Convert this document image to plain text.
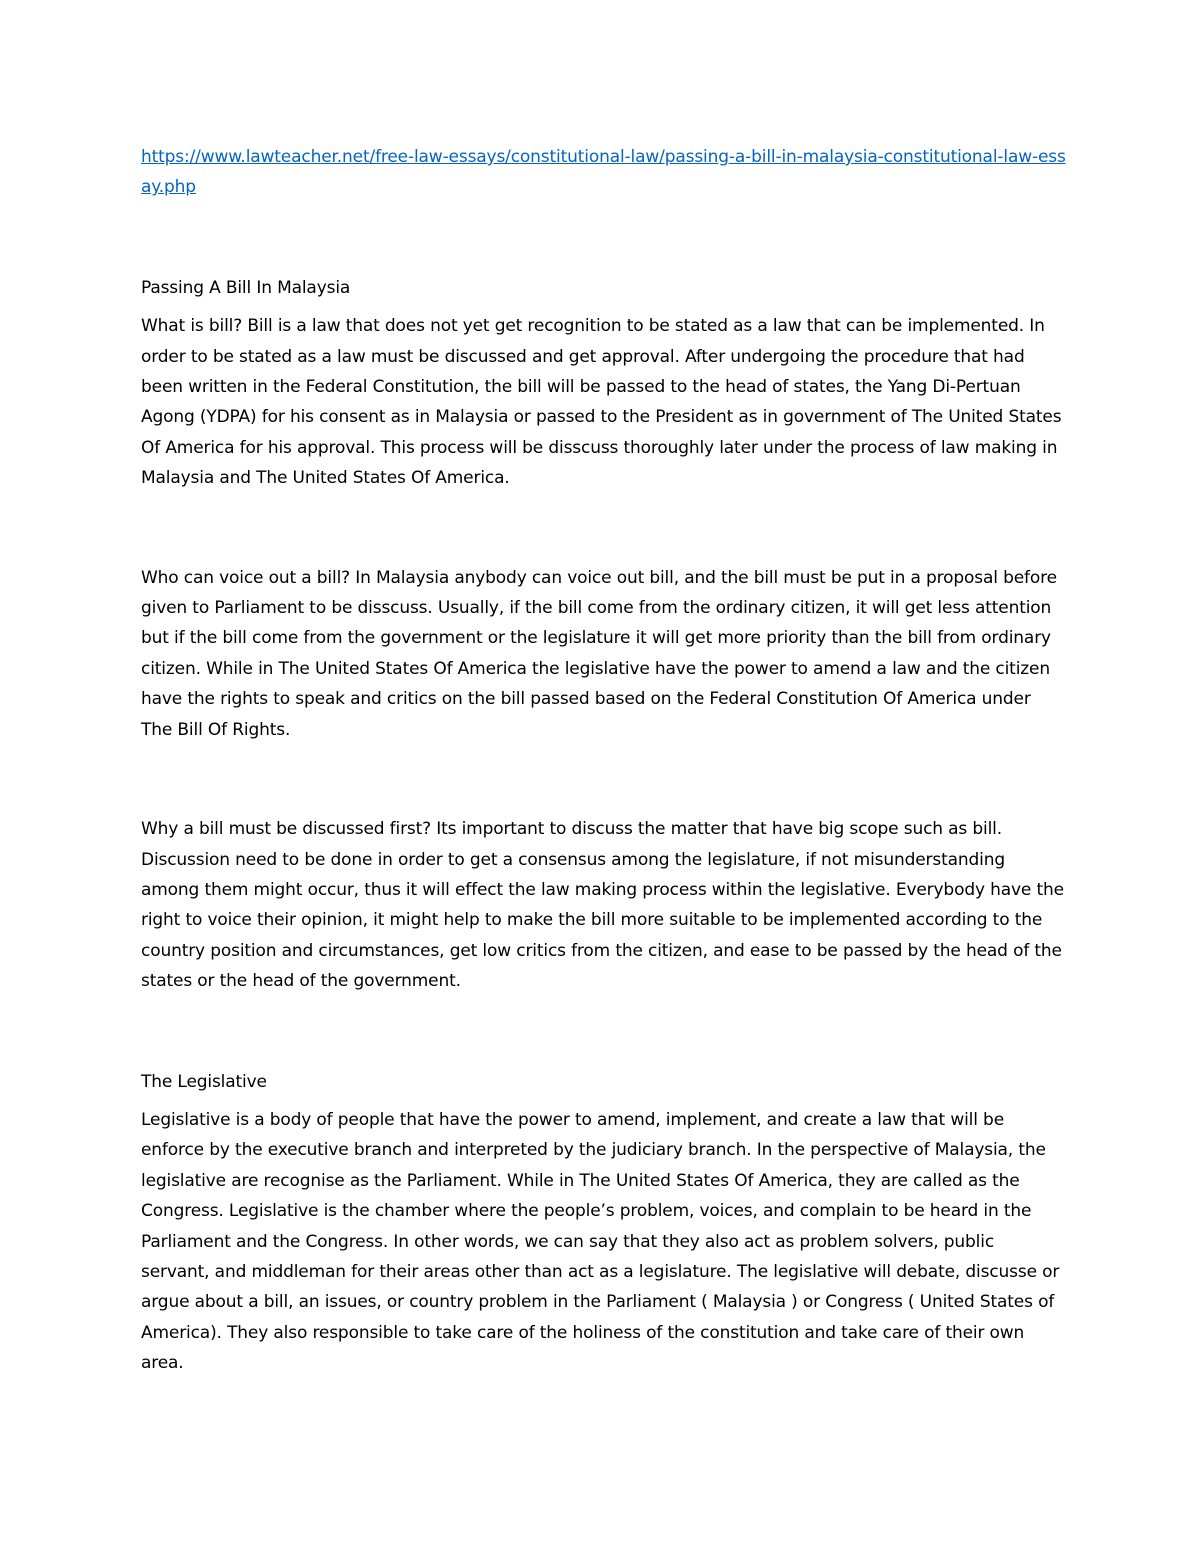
https://www.lawteacher.net/free-law-essays/constitutional-law/passing-a-bill-in-malaysia-constitutional-law-essay.php

Passing A Bill In Malaysia

What is bill? Bill is a law that does not yet get recognition to be stated as a law that can be implemented. In order to be stated as a law must be discussed and get approval. After undergoing the procedure that had been written in the Federal Constitution, the bill will be passed to the head of states, the Yang Di-Pertuan Agong (YDPA) for his consent as in Malaysia or passed to the President as in government of The United States Of America for his approval. This process will be disscuss thoroughly later under the process of law making in Malaysia and The United States Of America.

Who can voice out a bill? In Malaysia anybody can voice out bill, and the bill must be put in a proposal before given to Parliament to be disscuss. Usually, if the bill come from the ordinary citizen, it will get less attention but if the bill come from the government or the legislature it will get more priority than the bill from ordinary citizen. While in The United States Of America the legislative have the power to amend a law and the citizen have the rights to speak and critics on the bill passed based on the Federal Constitution Of America under The Bill Of Rights.

Why a bill must be discussed first? Its important to discuss the matter that have big scope such as bill. Discussion need to be done in order to get a consensus among the legislature, if not misunderstanding among them might occur, thus it will effect the law making process within the legislative. Everybody have the right to voice their opinion, it might help to make the bill more suitable to be implemented according to the country position and circumstances, get low critics from the citizen, and ease to be passed by the head of the states or the head of the government.

The Legislative

Legislative is a body of people that have the power to amend, implement, and create a law that will be enforce by the executive branch and interpreted by the judiciary branch. In the perspective of Malaysia, the legislative are recognise as the Parliament. While in The United States Of America, they are called as the Congress. Legislative is the chamber where the people’s problem, voices, and complain to be heard in the Parliament and the Congress. In other words, we can say that they also act as problem solvers, public servant, and middleman for their areas other than act as a legislature. The legislative will debate, discusse or argue about a bill, an issues, or country problem in the Parliament ( Malaysia ) or Congress ( United States of America). They also responsible to take care of the holiness of the constitution and take care of their own area.
